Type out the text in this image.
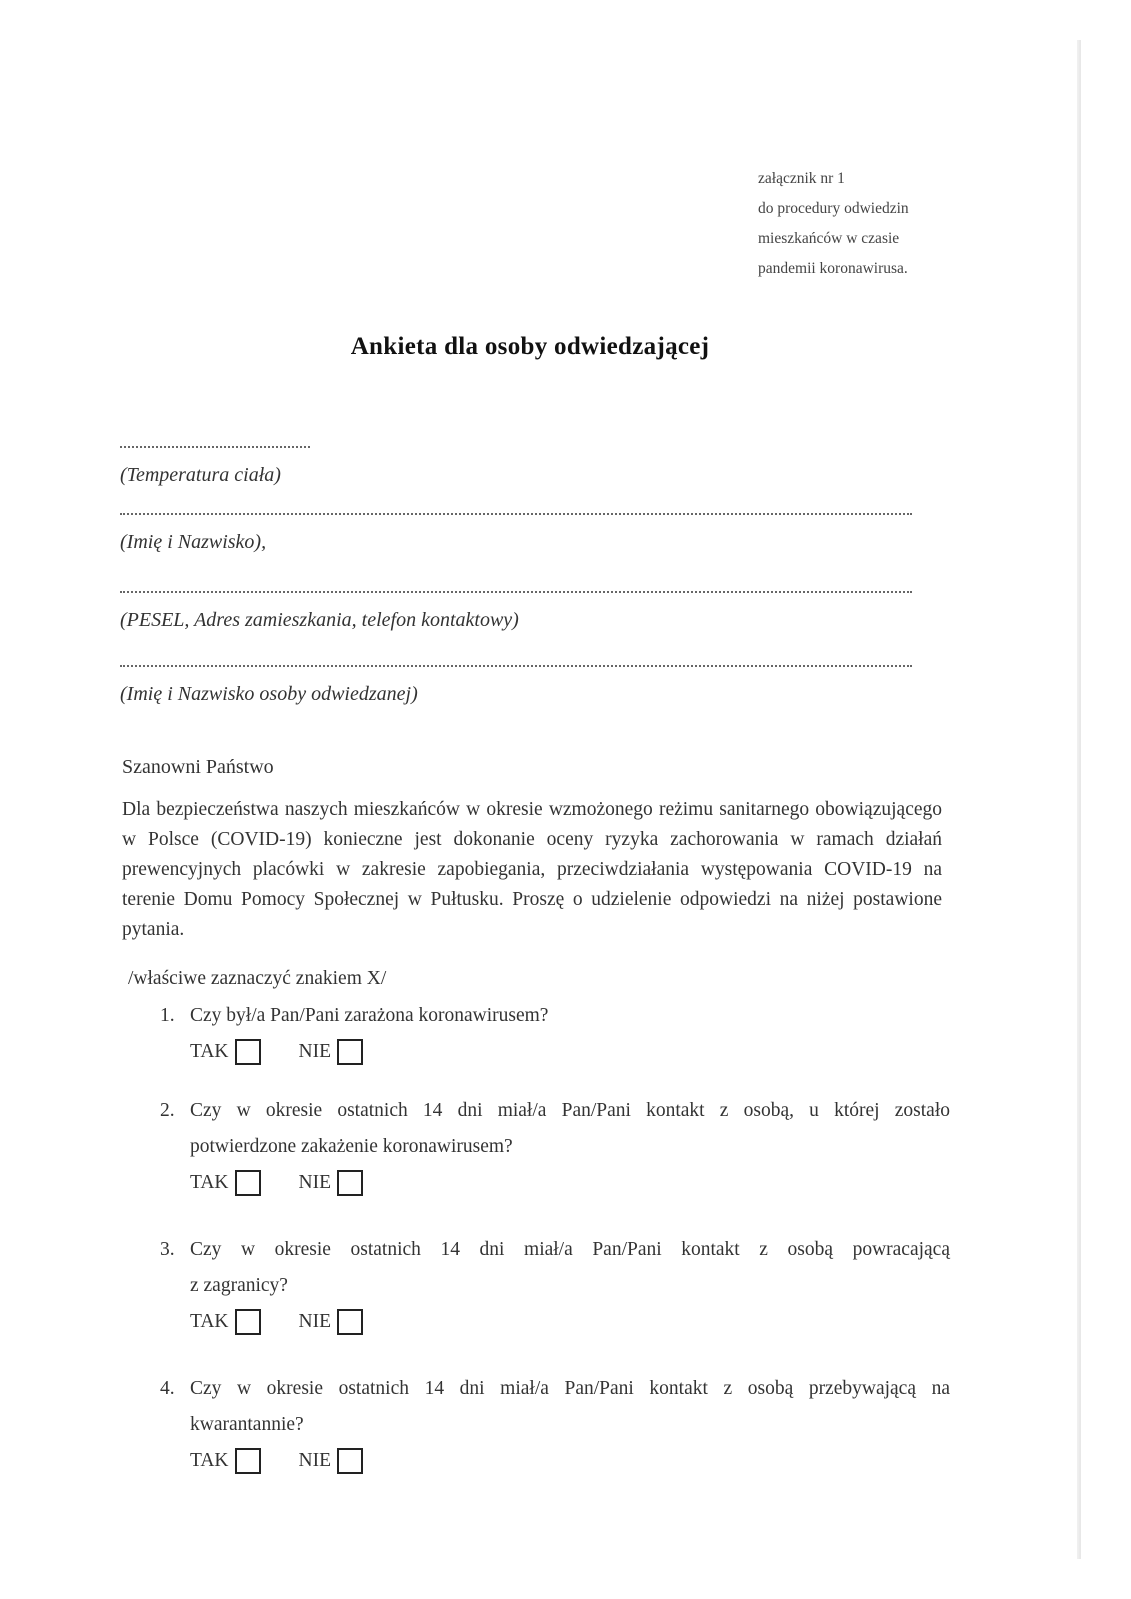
załącznik nr 1
do procedury odwiedzin
mieszkańców w czasie
pandemii koronawirusa.
Ankieta dla osoby odwiedzającej
(Temperatura ciała)
(Imię i Nazwisko),
(PESEL, Adres zamieszkania, telefon kontaktowy)
(Imię i Nazwisko osoby odwiedzanej)
Szanowni Państwo
Dla bezpieczeństwa naszych mieszkańców w okresie wzmożonego reżimu sanitarnego obowiązującego w Polsce (COVID-19) konieczne jest dokonanie oceny ryzyka zachorowania w ramach działań prewencyjnych placówki w zakresie zapobiegania, przeciwdziałania występowania COVID-19 na terenie Domu Pomocy Społecznej w Pułtusku. Proszę o udzielenie odpowiedzi na niżej postawione pytania.
/właściwe zaznaczyć znakiem X/
1. Czy był/a Pan/Pani zarażona koronawirusem?
TAK	NIE
2. Czy w okresie ostatnich 14 dni miał/a Pan/Pani kontakt z osobą, u której zostało
potwierdzone zakażenie koronawirusem?
TAK	NIE
3. Czy w okresie ostatnich 14 dni miał/a Pan/Pani kontakt z osobą powracającą
z zagranicy?
TAK	NIE
4. Czy w okresie ostatnich 14 dni miał/a Pan/Pani kontakt z osobą przebywającą na
kwarantannie?
TAK	NIE
